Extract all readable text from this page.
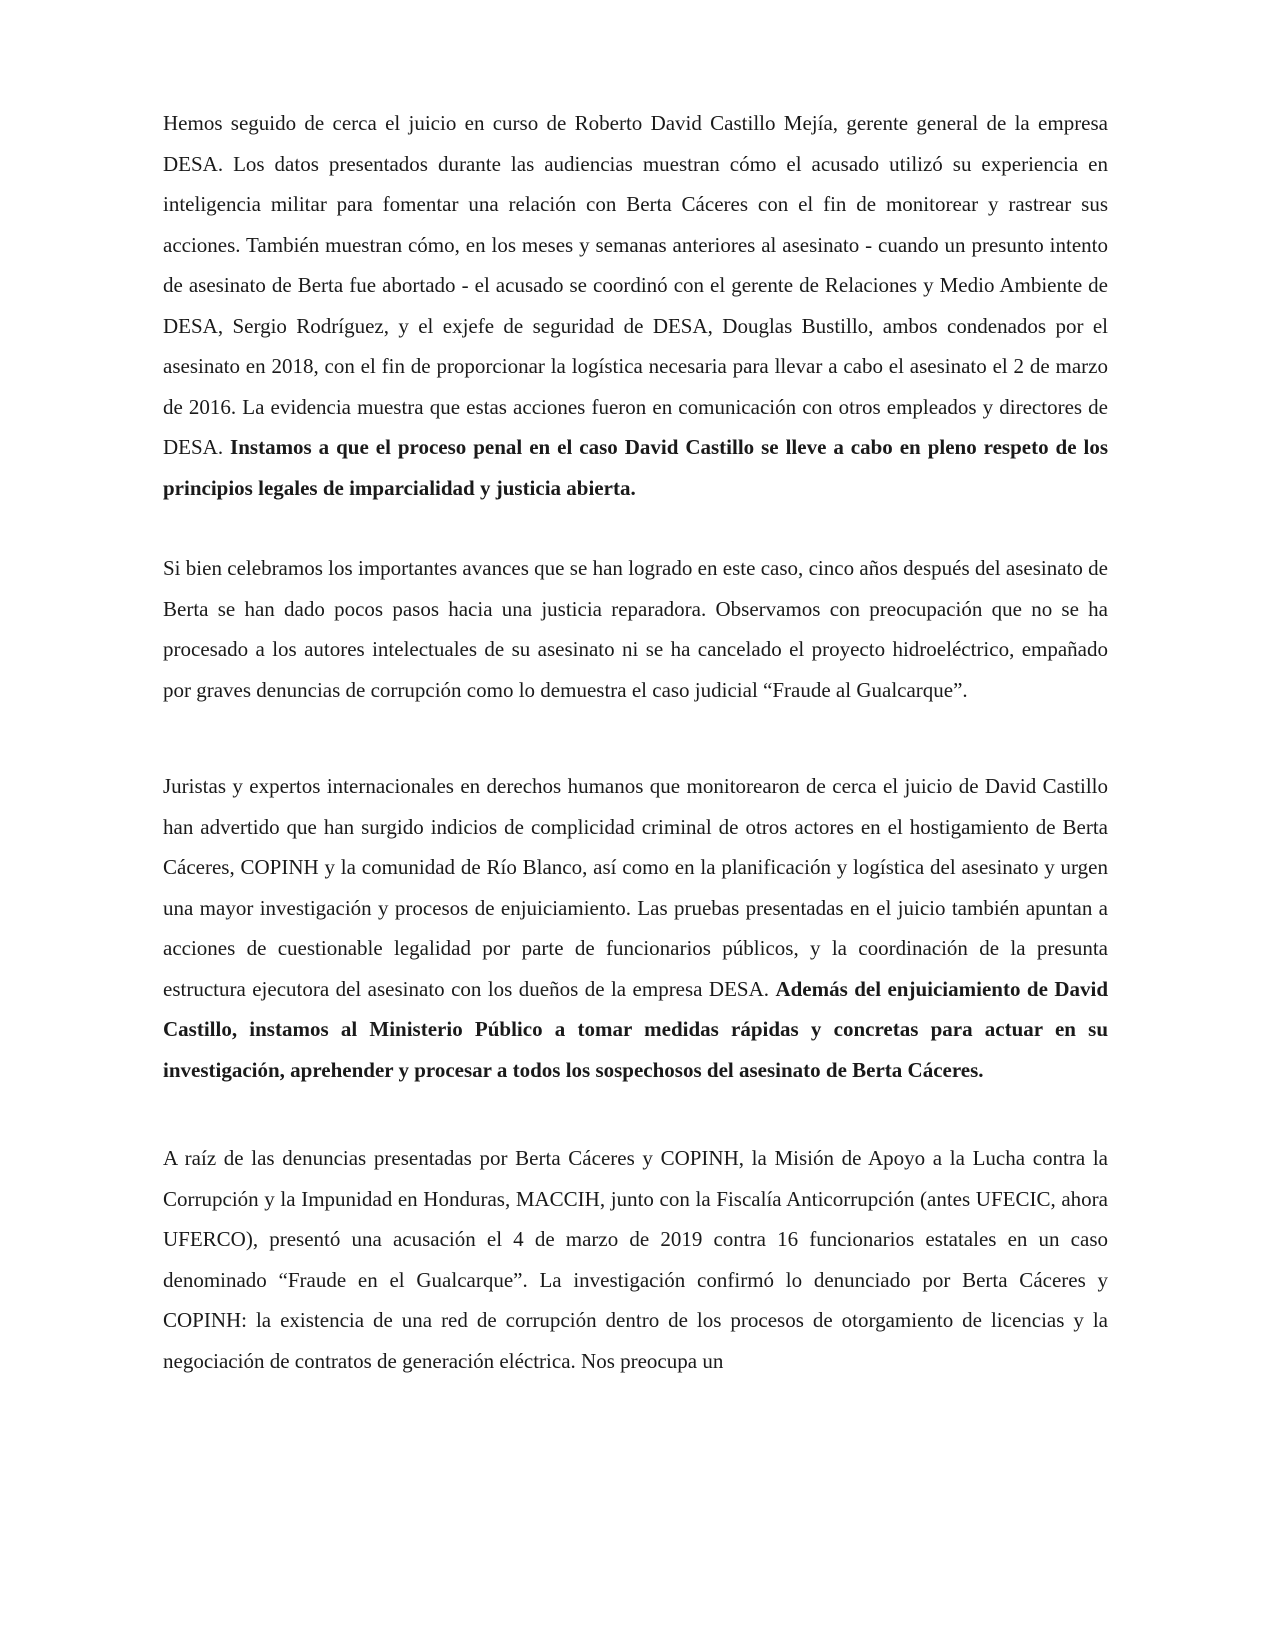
Hemos seguido de cerca el juicio en curso de Roberto David Castillo Mejía, gerente general de la empresa DESA. Los datos presentados durante las audiencias muestran cómo el acusado utilizó su experiencia en inteligencia militar para fomentar una relación con Berta Cáceres con el fin de monitorear y rastrear sus acciones. También muestran cómo, en los meses y semanas anteriores al asesinato - cuando un presunto intento de asesinato de Berta fue abortado - el acusado se coordinó con el gerente de Relaciones y Medio Ambiente de DESA, Sergio Rodríguez, y el exjefe de seguridad de DESA, Douglas Bustillo, ambos condenados por el asesinato en 2018, con el fin de proporcionar la logística necesaria para llevar a cabo el asesinato el 2 de marzo de 2016. La evidencia muestra que estas acciones fueron en comunicación con otros empleados y directores de DESA. Instamos a que el proceso penal en el caso David Castillo se lleve a cabo en pleno respeto de los principios legales de imparcialidad y justicia abierta.

Si bien celebramos los importantes avances que se han logrado en este caso, cinco años después del asesinato de Berta se han dado pocos pasos hacia una justicia reparadora. Observamos con preocupación que no se ha procesado a los autores intelectuales de su asesinato ni se ha cancelado el proyecto hidroeléctrico, empañado por graves denuncias de corrupción como lo demuestra el caso judicial “Fraude al Gualcarque”.

Juristas y expertos internacionales en derechos humanos que monitorearon de cerca el juicio de David Castillo han advertido que han surgido indicios de complicidad criminal de otros actores en el hostigamiento de Berta Cáceres, COPINH y la comunidad de Río Blanco, así como en la planificación y logística del asesinato y urgen una mayor investigación y procesos de enjuiciamiento. Las pruebas presentadas en el juicio también apuntan a acciones de cuestionable legalidad por parte de funcionarios públicos, y la coordinación de la presunta estructura ejecutora del asesinato con los dueños de la empresa DESA. Además del enjuiciamiento de David Castillo, instamos al Ministerio Público a tomar medidas rápidas y concretas para actuar en su investigación, aprehender y procesar a todos los sospechosos del asesinato de Berta Cáceres.

A raíz de las denuncias presentadas por Berta Cáceres y COPINH, la Misión de Apoyo a la Lucha contra la Corrupción y la Impunidad en Honduras, MACCIH, junto con la Fiscalía Anticorrupción (antes UFECIC, ahora UFERCO), presentó una acusación el 4 de marzo de 2019 contra 16 funcionarios estatales en un caso denominado “Fraude en el Gualcarque”. La investigación confirmó lo denunciado por Berta Cáceres y COPINH: la existencia de una red de corrupción dentro de los procesos de otorgamiento de licencias y la negociación de contratos de generación eléctrica. Nos preocupa un
